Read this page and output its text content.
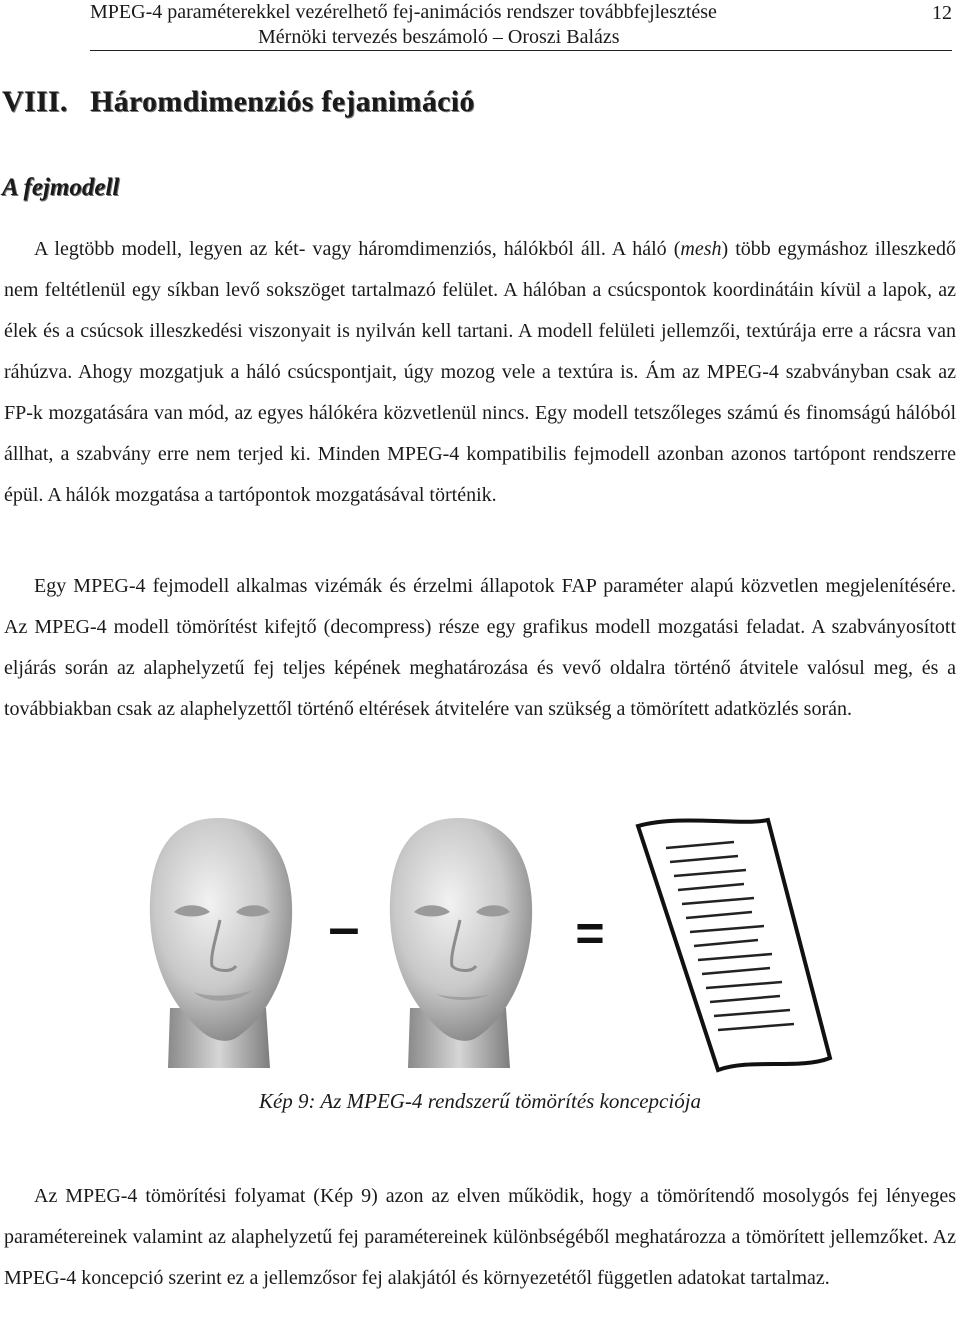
MPEG-4 paraméterekkel vezérelhető fej-animációs rendszer továbbfejlesztése
Mérnöki tervezés beszámoló – Oroszi Balázs
12
VIII. Háromdimenziós fejanimáció
A fejmodell

A legtöbb modell, legyen az két- vagy háromdimenziós, hálókból áll. A háló (mesh) több egymáshoz illeszkedő nem feltétlenül egy síkban levő sokszöget tartalmazó felület. A hálóban a csúcspontok koordinátáin kívül a lapok, az élek és a csúcsok illeszkedési viszonyait is nyilván kell tartani. A modell felületi jellemzői, textúrája erre a rácsra van ráhúzva. Ahogy mozgatjuk a háló csúcspontjait, úgy mozog vele a textúra is. Ám az MPEG-4 szabványban csak az FP-k mozgatására van mód, az egyes hálókéra közvetlenül nincs. Egy modell tetszőleges számú és finomságú hálóból állhat, a szabvány erre nem terjed ki. Minden MPEG-4 kompatibilis fejmodell azonban azonos tartópont rendszerre épül. A hálók mozgatása a tartópontok mozgatásával történik.

Egy MPEG-4 fejmodell alkalmas vizémák és érzelmi állapotok FAP paraméter alapú közvetlen megjelenítésére. Az MPEG-4 modell tömörítést kifejtő (decompress) része egy grafikus modell mozgatási feladat. A szabványosított eljárás során az alaphelyzetű fej teljes képének meghatározása és vevő oldalra történő átvitele valósul meg, és a továbbiakban csak az alaphelyzettől történő eltérések átvitelére van szükség a tömörített adatközlés során.

–	=
Kép 9: Az MPEG-4 rendszerű tömörítés koncepciója

Az MPEG-4 tömörítési folyamat (Kép 9) azon az elven működik, hogy a tömörítendő mosolygós fej lényeges paramétereinek valamint az alaphelyzetű fej paramétereinek különbségéből meghatározza a tömörített jellemzőket. Az MPEG-4 koncepció szerint ez a jellemzősor fej alakjától és környezetétől független adatokat tartalmaz.
